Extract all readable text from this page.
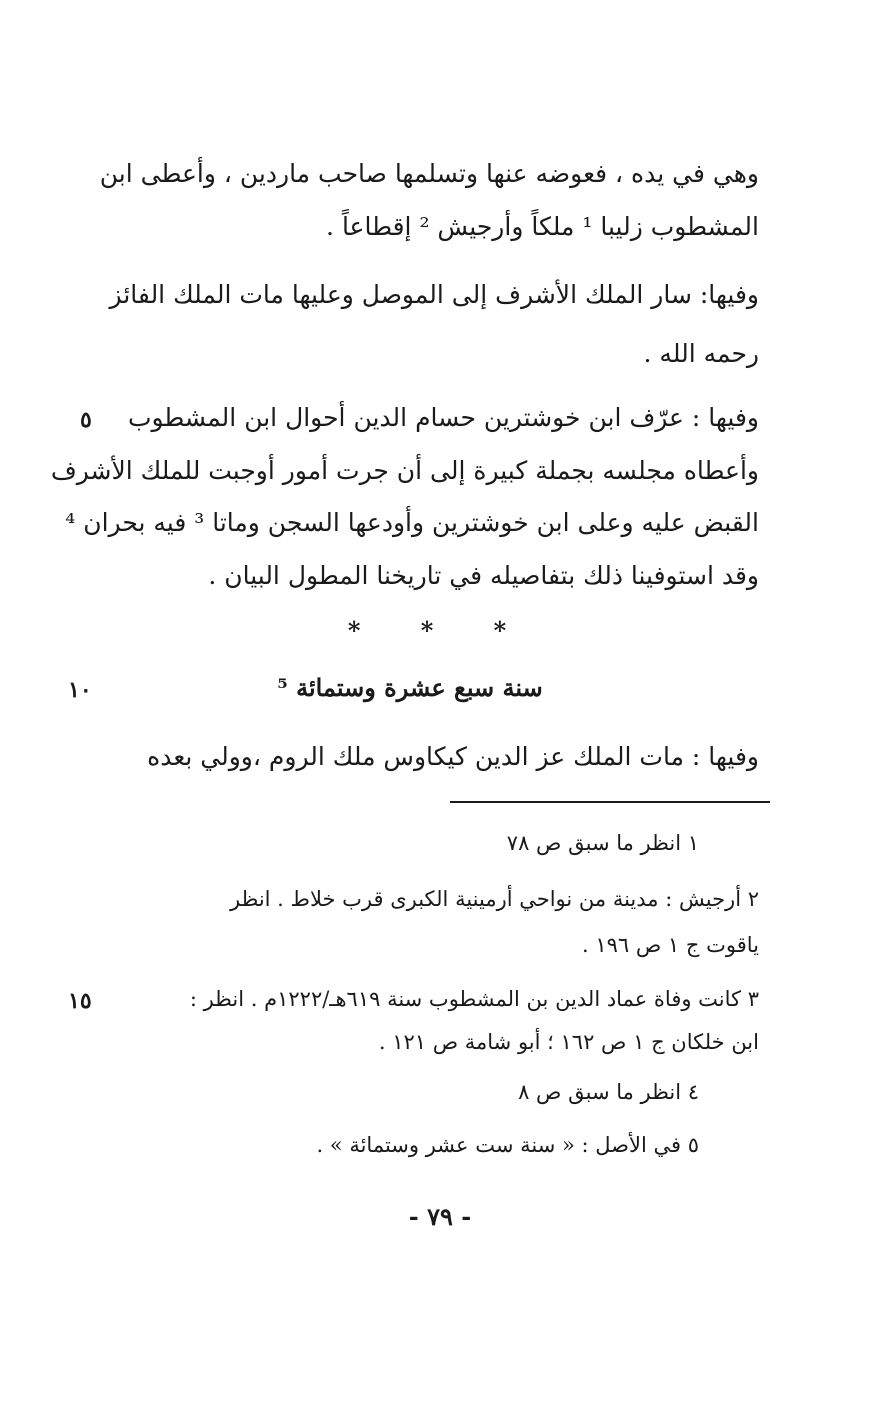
وهي في يده ، فعوضه عنها وتسلمها صاحب ماردين ، وأعطى ابن
المشطوب زليبا ¹ ملكاً وأرجيش ² إقطاعاً .
وفيها: سار الملك الأشرف إلى الموصل وعليها مات الملك الفائز
رحمه الله .
وفيها : عرّف ابن خوشترين حسام الدين أحوال ابن المشطوب
وأعطاه مجلسه بجملة كبيرة إلى أن جرت أمور أوجبت للملك الأشرف
القبض عليه وعلى ابن خوشترين وأودعها السجن وماتا ³ فيه بحران ⁴
وقد استوفينا ذلك بتفاصيله في تاريخنا المطول البيان .
* * *
سنة سبع عشرة وستمائة ⁵
وفيها : مات الملك عز الدين كيكاوس ملك الروم ،وولي بعده
٥
١٠
١٥
١ انظر ما سبق ص ٧٨
٢ أرجيش : مدينة من نواحي أرمينية الكبرى قرب خلاط . انظر
ياقوت ج ١ ص ١٩٦ .
٣ كانت وفاة عماد الدين بن المشطوب سنة ٦١٩هـ/١٢٢٢م . انظر :
ابن خلكان ج ١ ص ١٦٢ ؛ أبو شامة ص ١٢١ .
٤ انظر ما سبق ص ٨
٥ في الأصل : « سنة ست عشر وستمائة » .
- ٧٩ -
